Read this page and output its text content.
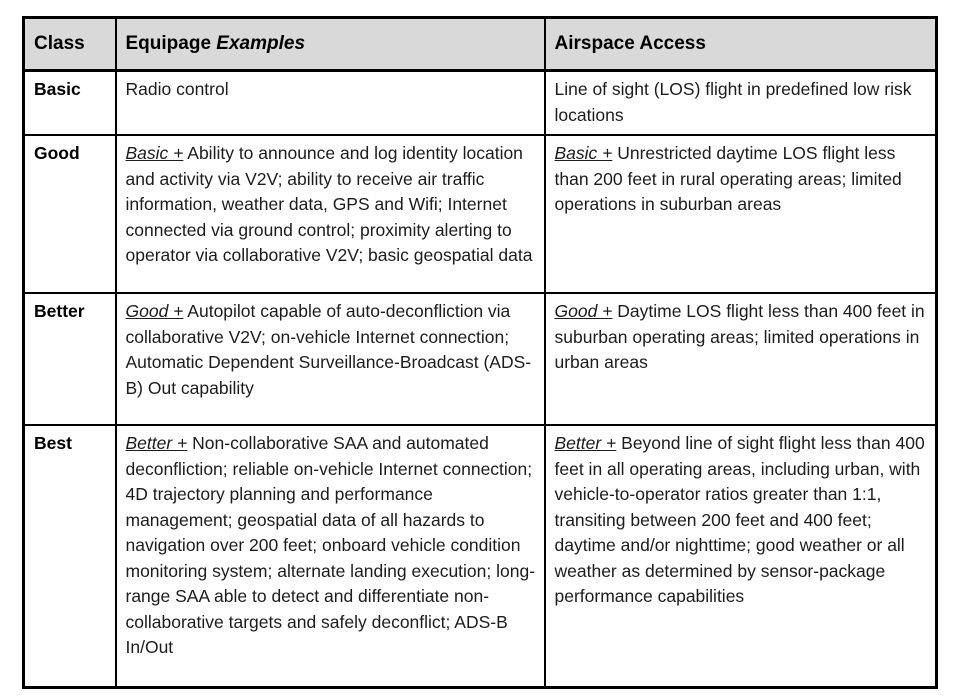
Class	Equipage Examples	Airspace Access
Basic	Radio control	Line of sight (LOS) flight in predefined low risk locations
Good	Basic + Ability to announce and log identity location and activity via V2V; ability to receive air traffic information, weather data, GPS and Wifi; Internet connected via ground control; proximity alerting to operator via collaborative V2V; basic geospatial data	Basic + Unrestricted daytime LOS flight less than 200 feet in rural operating areas; limited operations in suburban areas
Better	Good + Autopilot capable of auto-deconfliction via collaborative V2V; on-vehicle Internet connection; Automatic Dependent Surveillance-Broadcast (ADS-B) Out capability	Good + Daytime LOS flight less than 400 feet in suburban operating areas; limited operations in urban areas
Best	Better + Non-collaborative SAA and automated deconfliction; reliable on-vehicle Internet connection; 4D trajectory planning and performance management; geospatial data of all hazards to navigation over 200 feet; onboard vehicle condition monitoring system; alternate landing execution; long-range SAA able to detect and differentiate non-collaborative targets and safely deconflict; ADS-B In/Out	Better + Beyond line of sight flight less than 400 feet in all operating areas, including urban, with vehicle-to-operator ratios greater than 1:1, transiting between 200 feet and 400 feet; daytime and/or nighttime; good weather or all weather as determined by sensor-package performance capabilities
